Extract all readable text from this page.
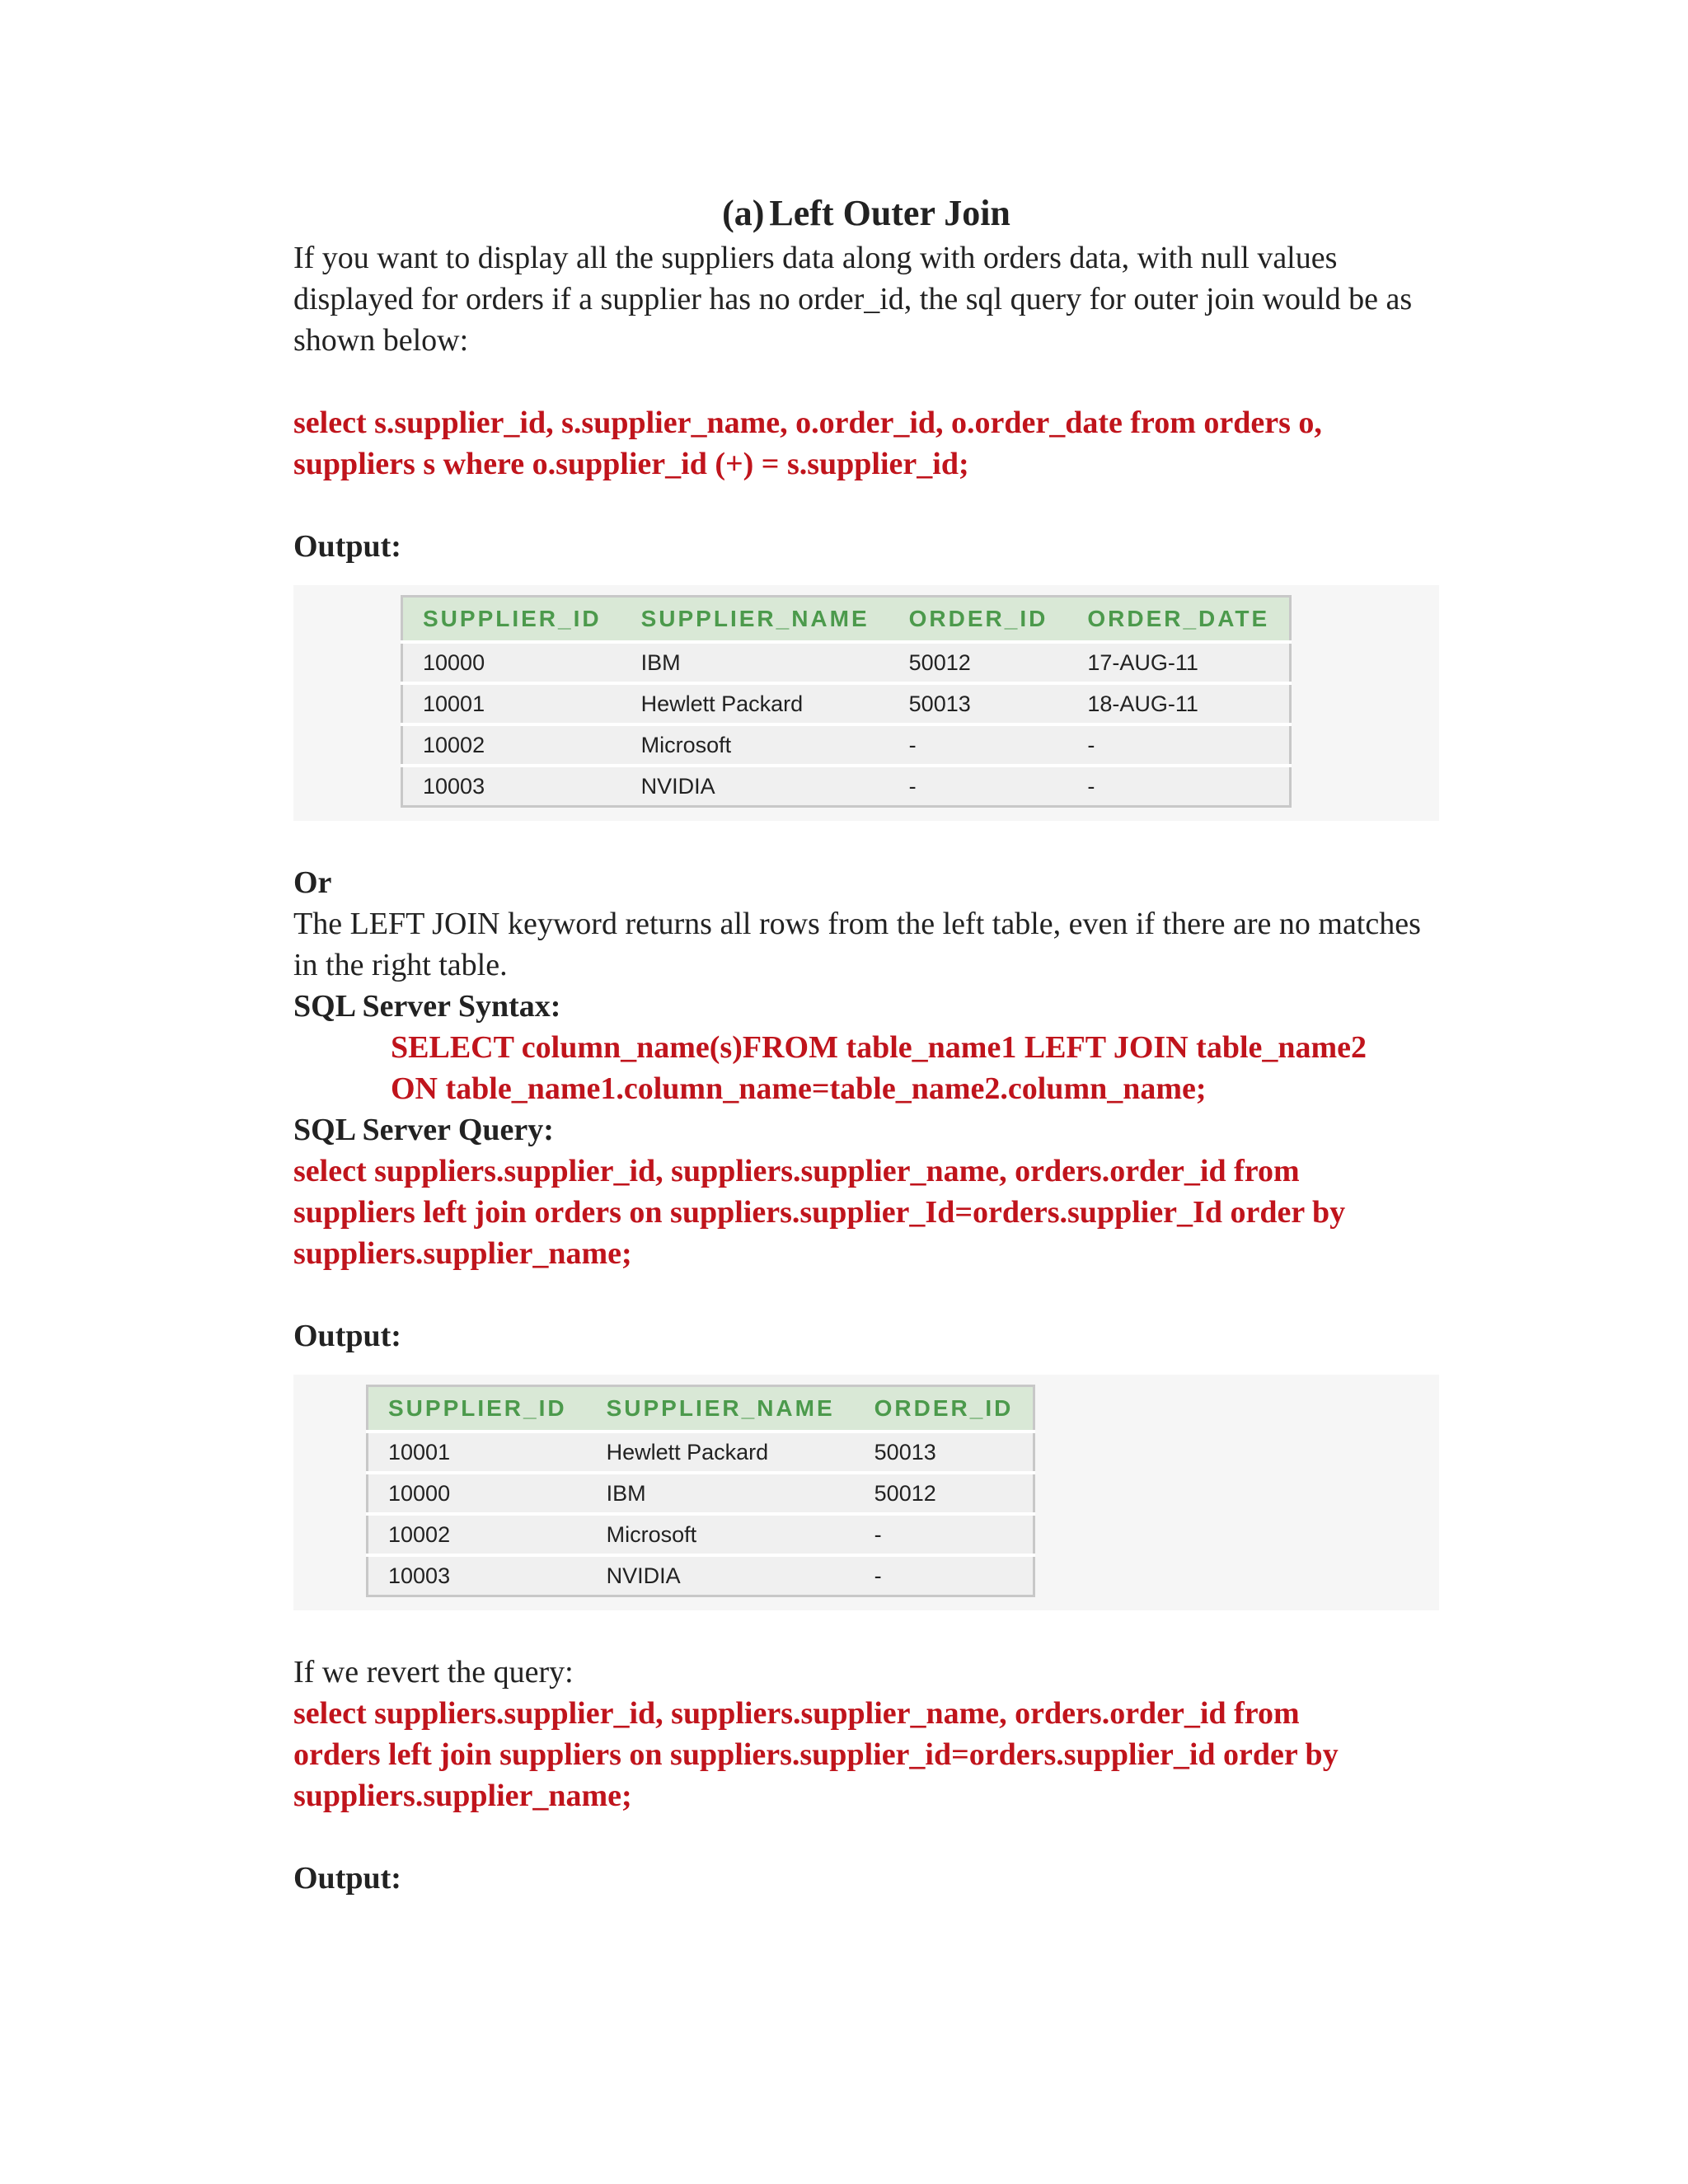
(a) Left Outer Join

If you want to display all the suppliers data along with orders data, with null values displayed for orders if a supplier has no order_id, the sql query for outer join would be as shown below:

select s.supplier_id, s.supplier_name, o.order_id, o.order_date from orders o,

suppliers s where o.supplier_id (+) = s.supplier_id;

Output:

SUPPLIER_ID	SUPPLIER_NAME	ORDER_ID	ORDER_DATE
10000	IBM	50012	17-AUG-11
10001	Hewlett Packard	50013	18-AUG-11
10002	Microsoft	-	-
10003	NVIDIA	-	-

Or

The LEFT JOIN keyword returns all rows from the left table, even if there are no matches in the right table.

SQL Server Syntax:

SELECT column_name(s)FROM table_name1 LEFT JOIN table_name2

ON table_name1.column_name=table_name2.column_name;

SQL Server Query:

select suppliers.supplier_id, suppliers.supplier_name, orders.order_id from

suppliers left join orders on suppliers.supplier_Id=orders.supplier_Id order by

suppliers.supplier_name;

Output:

SUPPLIER_ID	SUPPLIER_NAME	ORDER_ID
10001	Hewlett Packard	50013
10000	IBM	50012
10002	Microsoft	-
10003	NVIDIA	-

If we revert the query:

select suppliers.supplier_id, suppliers.supplier_name, orders.order_id from

orders left join suppliers on suppliers.supplier_id=orders.supplier_id order by

suppliers.supplier_name;

Output:
